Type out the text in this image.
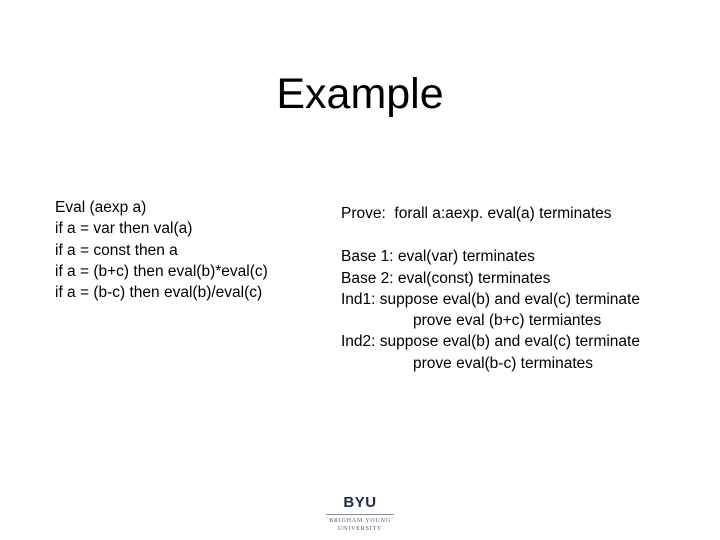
Example
Eval (aexp a)
if a = var then val(a)
if a = const then a
if a = (b+c) then eval(b)*eval(c)
if a = (b-c) then eval(b)/eval(c)
Prove:  forall a:aexp. eval(a) terminates
Base 1: eval(var) terminates
Base 2: eval(const) terminates
Ind1: suppose eval(b) and eval(c) terminate
prove eval (b+c) termiantes
Ind2: suppose eval(b) and eval(c) terminate
prove eval(b-c) terminates
BYU
BRIGHAM YOUNG
UNIVERSITY
